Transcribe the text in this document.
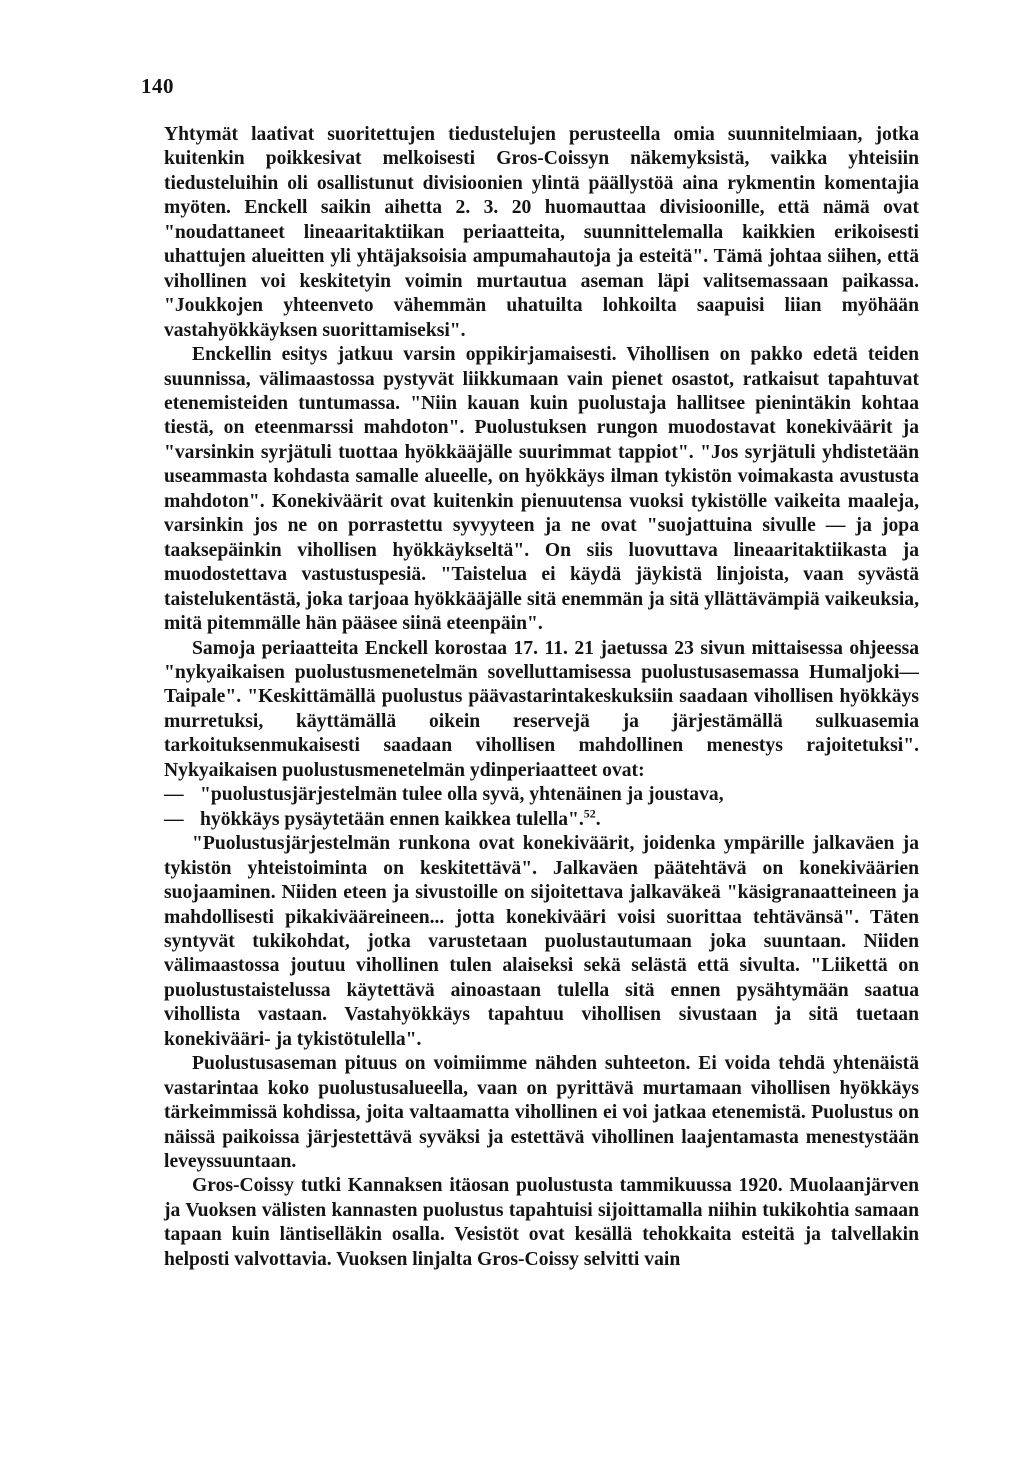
140

Yhtymät laativat suoritettujen tiedustelujen perusteella omia suunnitelmiaan, jotka kuitenkin poikkesivat melkoisesti Gros-Coissyn näkemyksistä, vaikka yhteisiin tiedusteluihin oli osallistunut divisioonien ylintä päällystöä aina rykmentin komentajia myöten. Enckell saikin aihetta 2. 3. 20 huomauttaa divisioonille, että nämä ovat "noudattaneet lineaaritaktiikan periaatteita, suunnittelemalla kaikkien erikoisesti uhattujen alueitten yli yhtäjaksoisia ampumahautoja ja esteitä". Tämä johtaa siihen, että vihollinen voi keskitetyin voimin murtautua aseman läpi valitsemassaan paikassa. "Joukkojen yhteenveto vähemmän uhatuilta lohkoilta saapuisi liian myöhään vastahyökkäyksen suorittamiseksi".

Enckellin esitys jatkuu varsin oppikirjamaisesti. Vihollisen on pakko edetä teiden suunnissa, välimaastossa pystyvät liikkumaan vain pienet osastot, ratkaisut tapahtuvat etenemisteiden tuntumassa. "Niin kauan kuin puolustaja hallitsee pienintäkin kohtaa tiestä, on eteenmarssi mahdoton". Puolustuksen rungon muodostavat konekiväärit ja "varsinkin syrjätuli tuottaa hyökkääjälle suurimmat tappiot". "Jos syrjätuli yhdistetään useammasta kohdasta samalle alueelle, on hyökkäys ilman tykistön voimakasta avustusta mahdoton". Konekiväärit ovat kuitenkin pienuutensa vuoksi tykistölle vaikeita maaleja, varsinkin jos ne on porrastettu syvyyteen ja ne ovat "suojattuina sivulle — ja jopa taaksepäinkin vihollisen hyökkäykseltä". On siis luovuttava lineaaritaktiikasta ja muodostettava vastustuspesiä. "Taistelua ei käydä jäykistä linjoista, vaan syvästä taistelukentästä, joka tarjoaa hyökkääjälle sitä enemmän ja sitä yllättävämpiä vaikeuksia, mitä pitemmälle hän pääsee siinä eteenpäin".

Samoja periaatteita Enckell korostaa 17. 11. 21 jaetussa 23 sivun mittaisessa ohjeessa "nykyaikaisen puolustusmenetelmän sovelluttamisessa puolustusasemassa Humaljoki—Taipale". "Keskittämällä puolustus päävastarintakeskuksiin saadaan vihollisen hyökkäys murretuksi, käyttämällä oikein reservejä ja järjestämällä sulkuasemia tarkoituksenmukaisesti saadaan vihollisen mahdollinen menestys rajoitetuksi". Nykyaikaisen puolustusmenetelmän ydinperiaatteet ovat:

— "puolustusjärjestelmän tulee olla syvä, yhtenäinen ja joustava,

— hyökkäys pysäytetään ennen kaikkea tulella".$^{52}$.

"Puolustusjärjestelmän runkona ovat konekiväärit, joidenka ympärille jalkaväen ja tykistön yhteistoiminta on keskitettävä". Jalkaväen päätehtävä on konekiväärien suojaaminen. Niiden eteen ja sivustoille on sijoitettava jalkaväkeä "käsigranaatteineen ja mahdollisesti pikakivääreineen... jotta konekivääri voisi suorittaa tehtävänsä". Täten syntyvät tukikohdat, jotka varustetaan puolustautumaan joka suuntaan. Niiden välimaastossa joutuu vihollinen tulen alaiseksi sekä selästä että sivulta. "Liikettä on puolustustaistelussa käytettävä ainoastaan tulella sitä ennen pysähtymään saatua vihollista vastaan. Vastahyökkäys tapahtuu vihollisen sivustaan ja sitä tuetaan konekivääri- ja tykistötulella".

Puolustusaseman pituus on voimiimme nähden suhteeton. Ei voida tehdä yhtenäistä vastarintaa koko puolustusalueella, vaan on pyrittävä murtamaan vihollisen hyökkäys tärkeimmissä kohdissa, joita valtaamatta vihollinen ei voi jatkaa etenemistä. Puolustus on näissä paikoissa järjestettävä syväksi ja estettävä vihollinen laajentamasta menestystään leveyssuuntaan.

Gros-Coissy tutki Kannaksen itäosan puolustusta tammikuussa 1920. Muolaanjärven ja Vuoksen välisten kannasten puolustus tapahtuisi sijoittamalla niihin tukikohtia samaan tapaan kuin läntiselläkin osalla. Vesistöt ovat kesällä tehokkaita esteitä ja talvellakin helposti valvottavia. Vuoksen linjalta Gros-Coissy selvitti vain
